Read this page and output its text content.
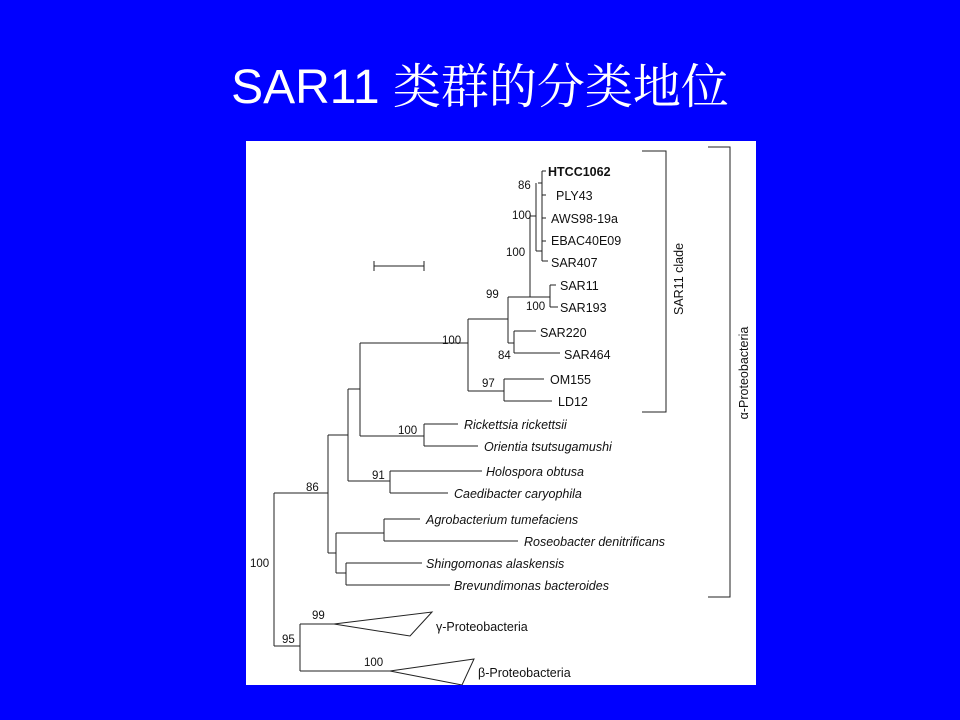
SAR11 类群的分类地位
SAR11 clade
α-Proteobacteria
HTCC1062
PLY43
AWS98-19a
EBAC40E09
SAR407
SAR11
SAR193
SAR220
SAR464
OM155
LD12
Rickettsia rickettsii
Orientia tsutsugamushi
Holospora obtusa
Caedibacter caryophila
Agrobacterium tumefaciens
Roseobacter denitrificans
Shingomonas alaskensis
Brevundimonas bacteroides
γ-Proteobacteria
β-Proteobacteria
86
100
100
100
99
84
97
100
100
91
86
100
99
95
100
